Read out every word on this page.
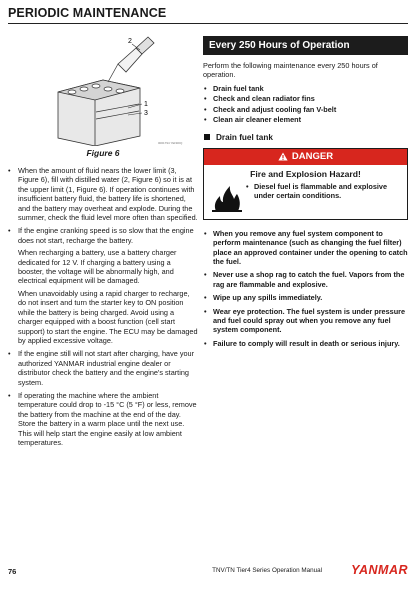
PERIODIC MAINTENANCE
2
1
3
0001794 YEN00Q
Figure 6
• When the amount of fluid nears the lower limit (3, Figure 6), fill with distilled water (2, Figure 6) so it is at the upper limit (1, Figure 6). If operation continues with insufficient battery fluid, the battery life is shortened, and the battery may overheat and explode. During the summer, check the fluid level more often than specified.
• If the engine cranking speed is so slow that the engine does not start, recharge the battery.

When recharging a battery, use a battery charger dedicated for 12 V. If charging a battery using a booster, the voltage will be abnormally high, and electrical equipment will be damaged.

When unavoidably using a rapid charger to recharge, do not insert and turn the starter key to ON position while the battery is being charged. Avoid using a charger equipped with a boost function (cell start support) to start the engine. The ECU may be damaged by applied excessive voltage.

• If the engine still will not start after charging, have your authorized YANMAR industrial engine dealer or distributor check the battery and the engine's starting system.
• If operating the machine where the ambient temperature could drop to -15 °C (5 °F) or less, remove the battery from the machine at the end of the day. Store the battery in a warm place until the next use. This will help start the engine easily at low ambient temperatures.
Every 250 Hours of Operation

Perform the following maintenance every 250 hours of operation.

• Drain fuel tank
• Check and clean radiator fins
• Check and adjust cooling fan V-belt
• Clean air cleaner element
Drain fuel tank
DANGER
Fire and Explosion Hazard!
• Diesel fuel is flammable and explosive under certain conditions.
• When you remove any fuel system component to perform maintenance (such as changing the fuel filter) place an approved container under the opening to catch the fuel.
• Never use a shop rag to catch the fuel. Vapors from the rag are flammable and explosive.
• Wipe up any spills immediately.
• Wear eye protection. The fuel system is under pressure and fuel could spray out when you remove any fuel system component.
• Failure to comply will result in death or serious injury.
76	TNV/TN Tier4 Series Operation Manual YANMAR
